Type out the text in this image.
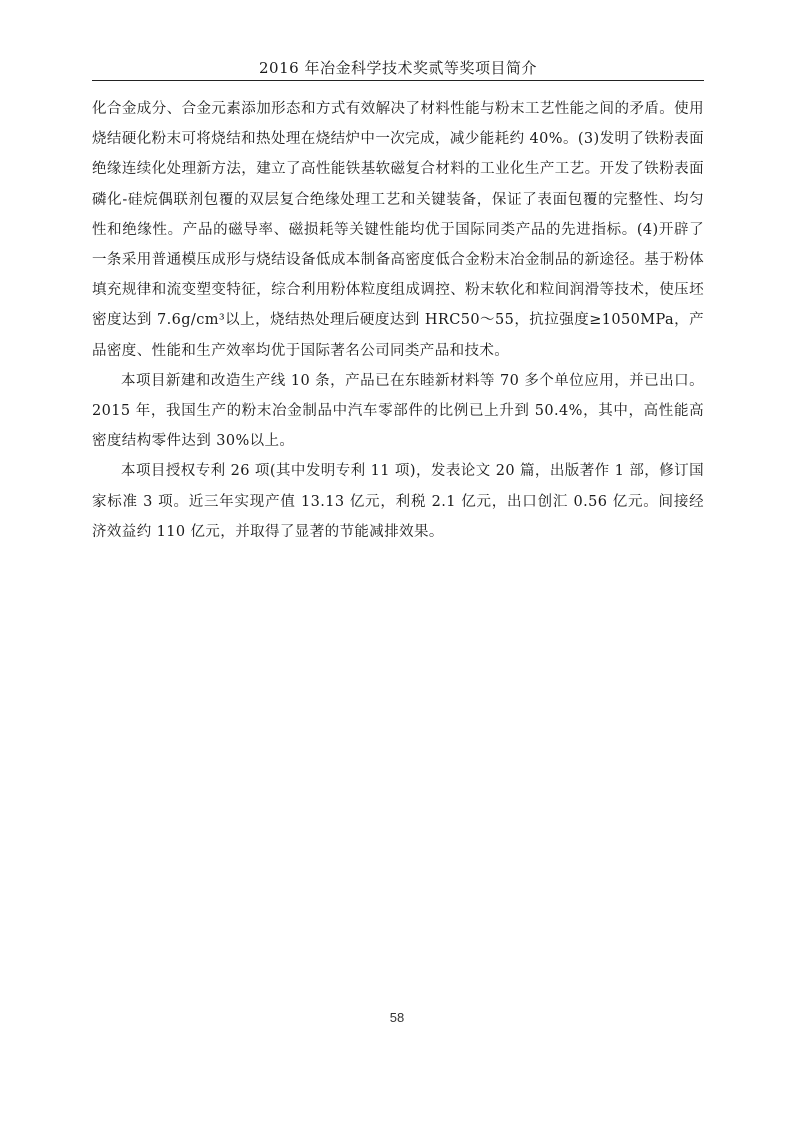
2016 年冶金科学技术奖贰等奖项目简介

化合金成分、合金元素添加形态和方式有效解决了材料性能与粉末工艺性能之间的矛盾。使用烧结硬化粉末可将烧结和热处理在烧结炉中一次完成，减少能耗约 40%。(3)发明了铁粉表面绝缘连续化处理新方法，建立了高性能铁基软磁复合材料的工业化生产工艺。开发了铁粉表面磷化-硅烷偶联剂包覆的双层复合绝缘处理工艺和关键装备，保证了表面包覆的完整性、均匀性和绝缘性。产品的磁导率、磁损耗等关键性能均优于国际同类产品的先进指标。(4)开辟了一条采用普通模压成形与烧结设备低成本制备高密度低合金粉末冶金制品的新途径。基于粉体填充规律和流变塑变特征，综合利用粉体粒度组成调控、粉末软化和粒间润滑等技术，使压坯密度达到 7.6g/cm³以上，烧结热处理后硬度达到 HRC50～55，抗拉强度≥1050MPa，产品密度、性能和生产效率均优于国际著名公司同类产品和技术。

本项目新建和改造生产线 10 条，产品已在东睦新材料等 70 多个单位应用，并已出口。2015 年，我国生产的粉末冶金制品中汽车零部件的比例已上升到 50.4%，其中，高性能高密度结构零件达到 30%以上。

本项目授权专利 26 项(其中发明专利 11 项)，发表论文 20 篇，出版著作 1 部，修订国家标准 3 项。近三年实现产值 13.13 亿元，利税 2.1 亿元，出口创汇 0.56 亿元。间接经济效益约 110 亿元，并取得了显著的节能减排效果。

58
